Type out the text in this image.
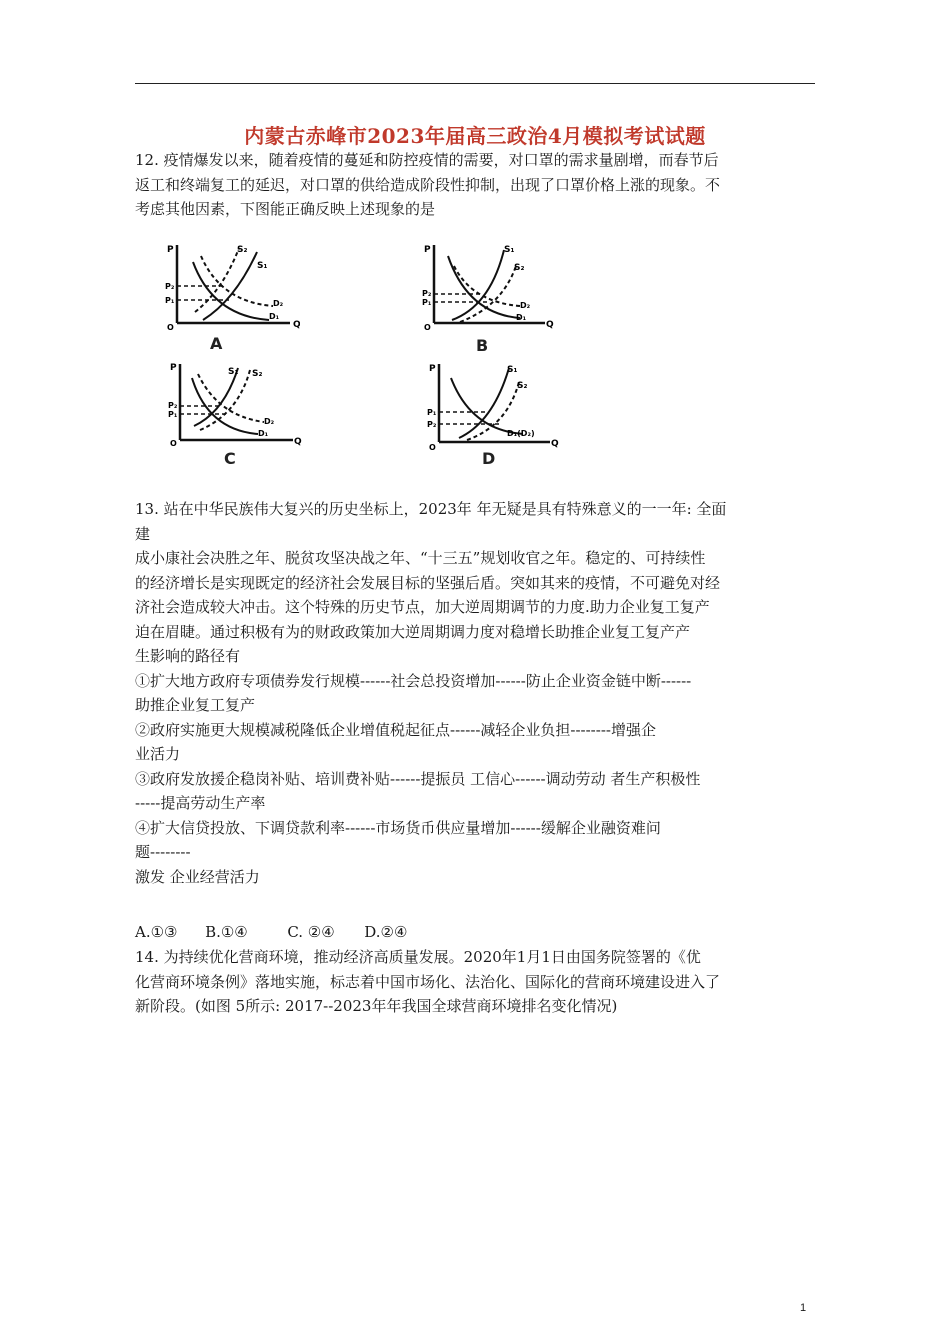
内蒙古赤峰市2023年届高三政治4月模拟考试试题
12. 疫情爆发以来，随着疫情的蔓延和防控疫情的需要，对口罩的需求量剧增，而春节后
返工和终端复工的延迟，对口罩的供给造成阶段性抑制，出现了口罩价格上涨的现象。不
考虑其他因素，下图能正确反映上述现象的是
P
Q
O
P₂
P₁
S₂
S₁
D₂
D₁
A
P
Q
O
P₂
P₁
S₁
S₂
D₂
D₁
B
P
Q
O
P₂
P₁
S₁ S₂
D₂
D₁
C
P
Q
O
P₁
P₂
S₁
S₂
D₁(D₂)
D
13. 站在中华民族伟大复兴的历史坐标上，2023年 年无疑是具有特殊意义的一一年: 全面
建
成小康社会决胜之年、脱贫攻坚决战之年、“十三五”规划收官之年。稳定的、可持续性
的经济增长是实现既定的经济社会发展目标的坚强后盾。突如其来的疫情，不可避免对经
济社会造成较大冲击。这个特殊的历史节点，加大逆周期调节的力度.助力企业复工复产
迫在眉睫。通过积极有为的财政政策加大逆周期调力度对稳增长助推企业复工复产产
生影响的路径有
①扩大地方政府专项债券发行规模------社会总投资增加------防止企业资金链中断------
助推企业复工复产
②政府实施更大规模减税隆低企业增值税起征点------减轻企业负担--------增强企
业活力
③政府发放援企稳岗补贴、培训费补贴------提振员 工信心------调动劳动 者生产积极性
-----提高劳动生产率
④扩大信贷投放、下调贷款利率------市场货币供应量增加------缓解企业融资难问
题--------
激发 企业经营活力
A.①③ B.①④	C. ②④ D.②④
14. 为持续优化营商环境，推动经济高质量发展。2020年1月1日由国务院签署的《优
化营商环境条例》落地实施，标志着中国市场化、法治化、国际化的营商环境建设进入了
新阶段。(如图 5所示: 2017--2023年年我国全球营商环境排名变化情况)
1
